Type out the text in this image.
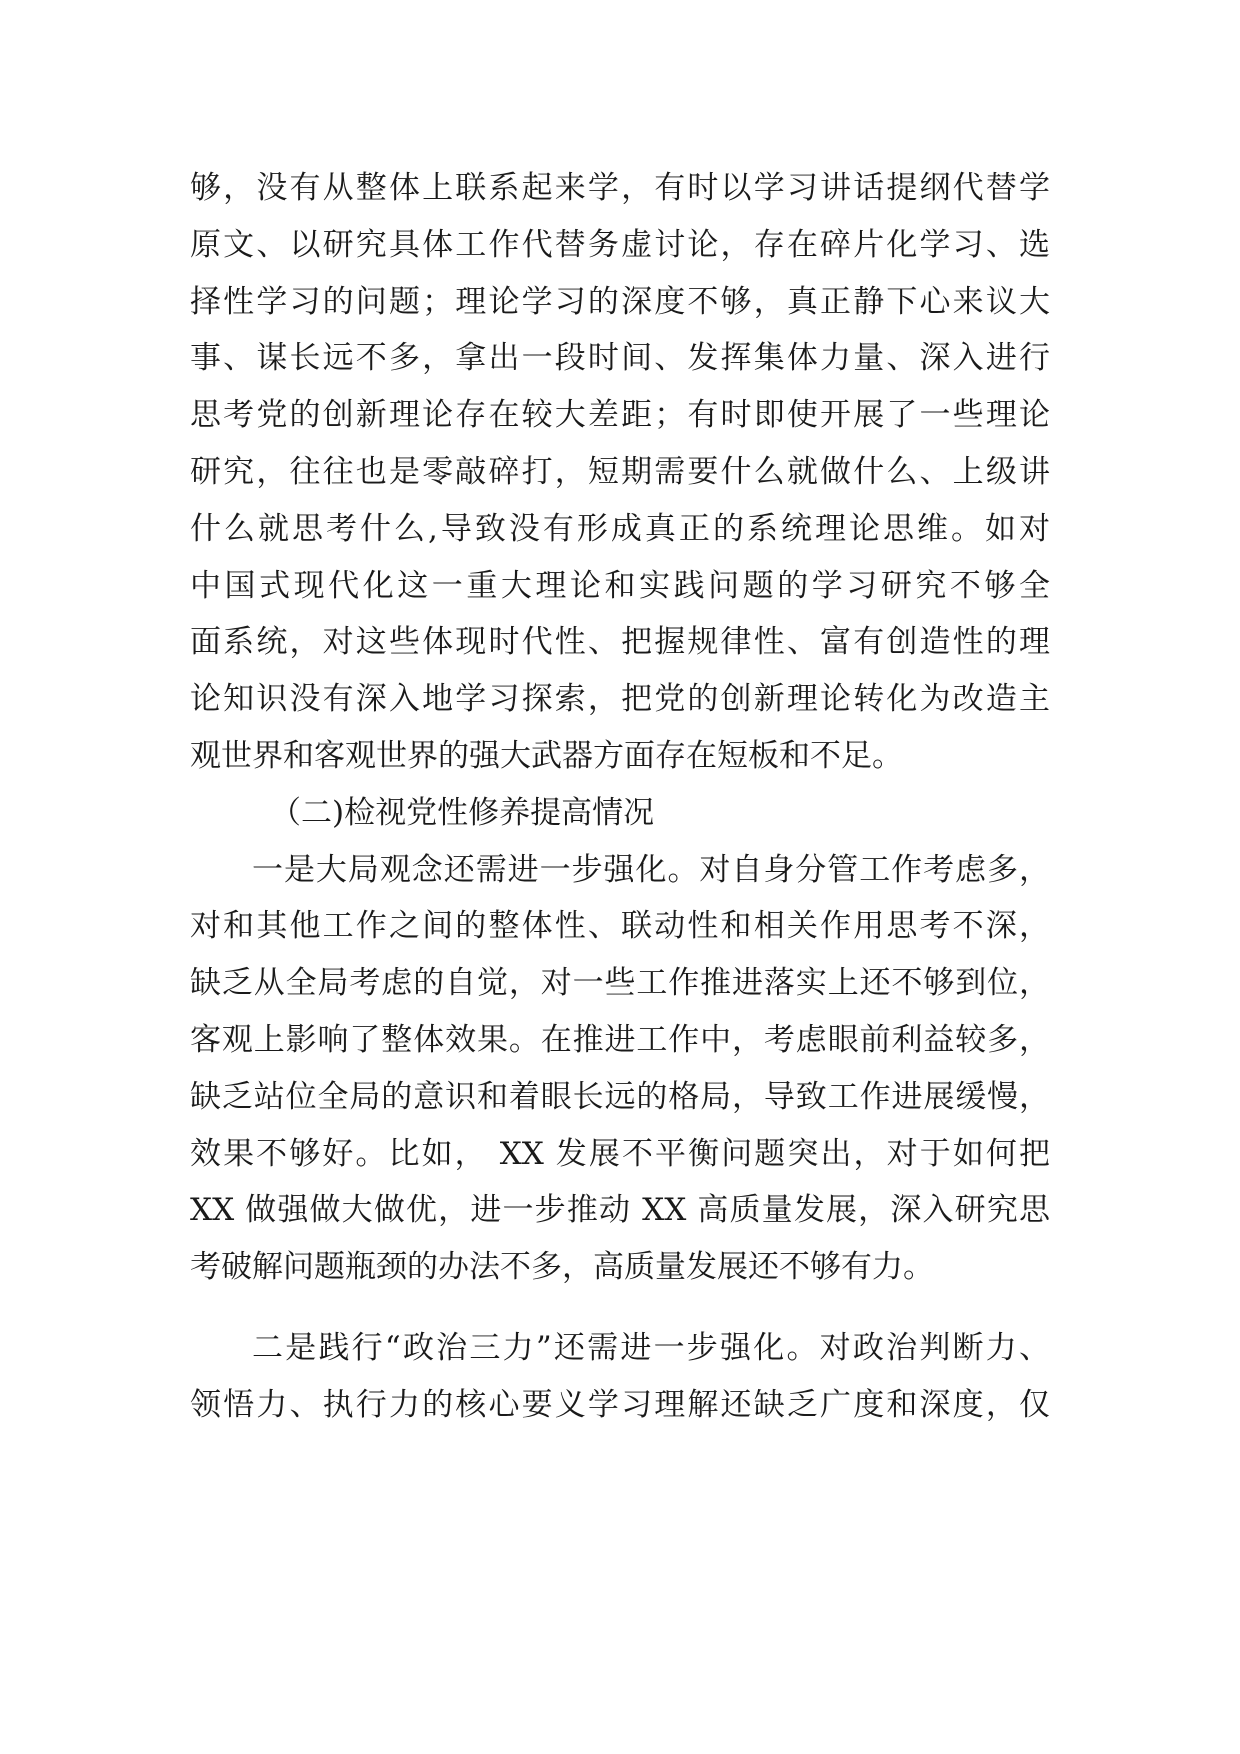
够，没有从整体上联系起来学，有时以学习讲话提纲代替学
原文、以研究具体工作代替务虚讨论，存在碎片化学习、选
择性学习的问题；理论学习的深度不够，真正静下心来议大
事、谋长远不多，拿出一段时间、发挥集体力量、深入进行
思考党的创新理论存在较大差距；有时即使开展了一些理论
研究，往往也是零敲碎打，短期需要什么就做什么、上级讲
什么就思考什么,导致没有形成真正的系统理论思维。如对
中国式现代化这一重大理论和实践问题的学习研究不够全
面系统，对这些体现时代性、把握规律性、富有创造性的理
论知识没有深入地学习探索，把党的创新理论转化为改造主
观世界和客观世界的强大武器方面存在短板和不足。
（二)检视党性修养提高情况
一是大局观念还需进一步强化。对自身分管工作考虑多，
对和其他工作之间的整体性、联动性和相关作用思考不深，
缺乏从全局考虑的自觉，对一些工作推进落实上还不够到位，
客观上影响了整体效果。在推进工作中，考虑眼前利益较多，
缺乏站位全局的意识和着眼长远的格局，导致工作进展缓慢，
效果不够好。比如， XX 发展不平衡问题突出，对于如何把
XX 做强做大做优，进一步推动 XX 高质量发展，深入研究思
考破解问题瓶颈的办法不多，高质量发展还不够有力。
二是践行“政治三力”还需进一步强化。对政治判断力、
领悟力、执行力的核心要义学习理解还缺乏广度和深度，仅
